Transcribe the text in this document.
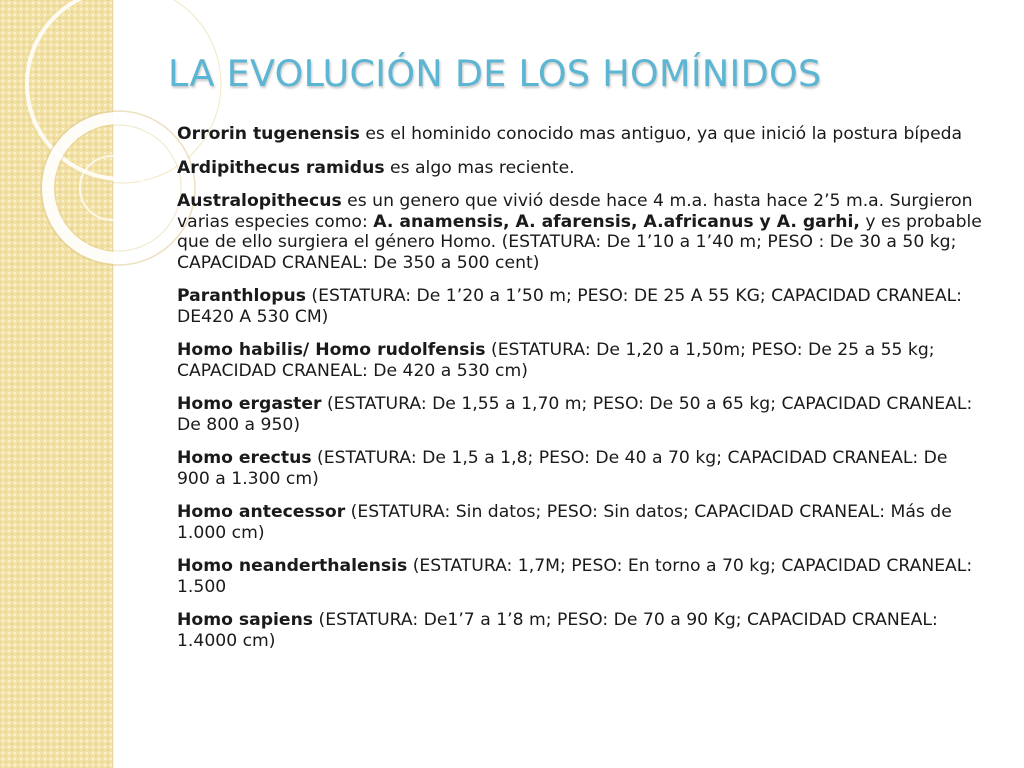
LA EVOLUCIÓN DE LOS HOMÍNIDOS

Orrorin tugenensis es el hominido conocido mas antiguo, ya que inició la postura bípeda

Ardipithecus ramidus es algo mas reciente.

Australopithecus es un genero que vivió desde hace 4 m.a. hasta hace 2’5 m.a. Surgieron varias especies como: A. anamensis, A. afarensis, A.africanus y A. garhi, y es probable que de ello surgiera el género Homo. (ESTATURA: De 1’10 a 1’40 m; PESO : De 30 a 50 kg; CAPACIDAD CRANEAL: De 350 a 500 cent)

Paranthlopus (ESTATURA: De 1’20 a 1’50 m; PESO: DE 25 A 55 KG; CAPACIDAD CRANEAL: DE420 A 530 CM)

Homo habilis/ Homo rudolfensis (ESTATURA: De 1,20 a 1,50m; PESO: De 25 a 55 kg; CAPACIDAD CRANEAL: De 420 a 530 cm)

Homo ergaster (ESTATURA: De 1,55 a 1,70 m; PESO: De 50 a 65 kg; CAPACIDAD CRANEAL: De 800 a 950)

Homo erectus (ESTATURA: De 1,5 a 1,8; PESO: De 40 a 70 kg; CAPACIDAD CRANEAL: De 900 a 1.300 cm)

Homo antecessor (ESTATURA: Sin datos; PESO: Sin datos; CAPACIDAD CRANEAL: Más de 1.000 cm)

Homo neanderthalensis (ESTATURA: 1,7M; PESO: En torno a 70 kg; CAPACIDAD CRANEAL: 1.500

Homo sapiens (ESTATURA: De1’7 a 1’8 m; PESO: De 70 a 90 Kg; CAPACIDAD CRANEAL: 1.4000 cm)
